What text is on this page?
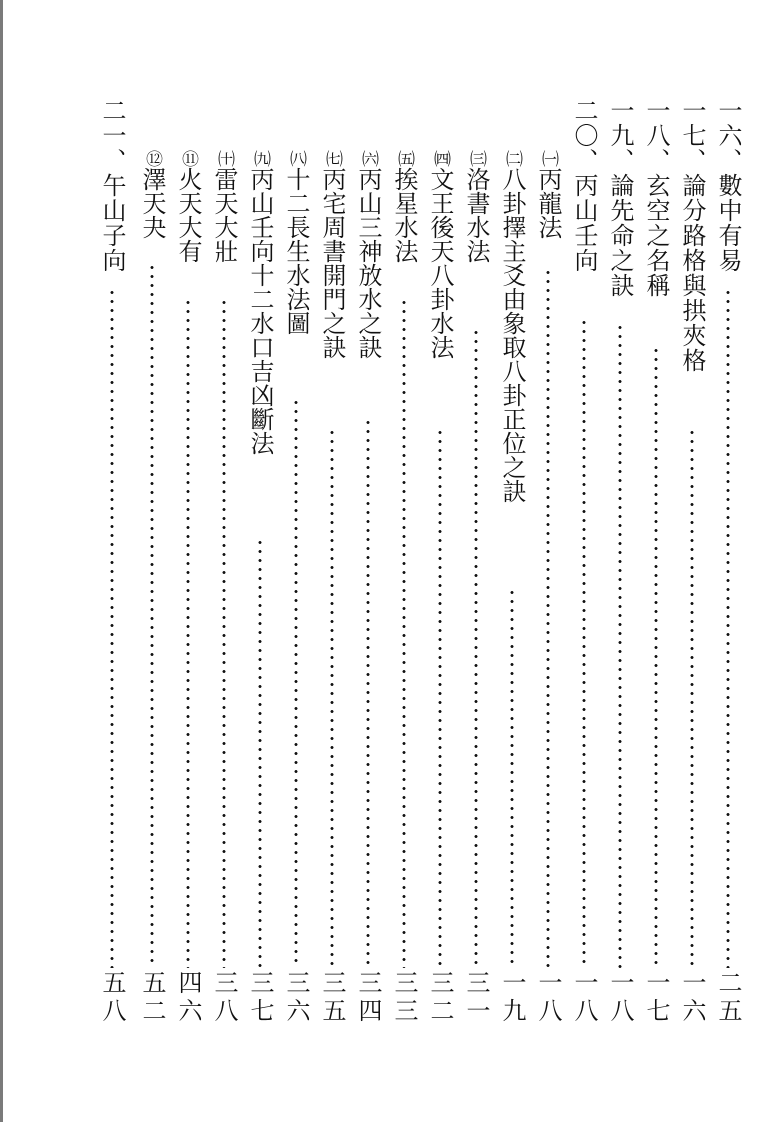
一六、數中有易
二五
一七、論分路格與拱夾格
一六
一八、玄空之名稱
一七
一九、論先命之訣
一八
二〇、丙山壬向
一八
㈠丙龍法
一八
㈡八卦擇主爻由象取八卦正位之訣
一九
㈢洛書水法
三一
㈣文王後天八卦水法
三二
㈤挨星水法
三三
㈥丙山三神放水之訣
三四
㈦丙宅周書開門之訣
三五
㈧十二長生水法圖
三六
㈨丙山壬向十二水口吉凶斷法
三七
㈩雷天大壯
三八
⑪火天大有
四六
⑫澤天夬
五二
二一、午山子向
五八
